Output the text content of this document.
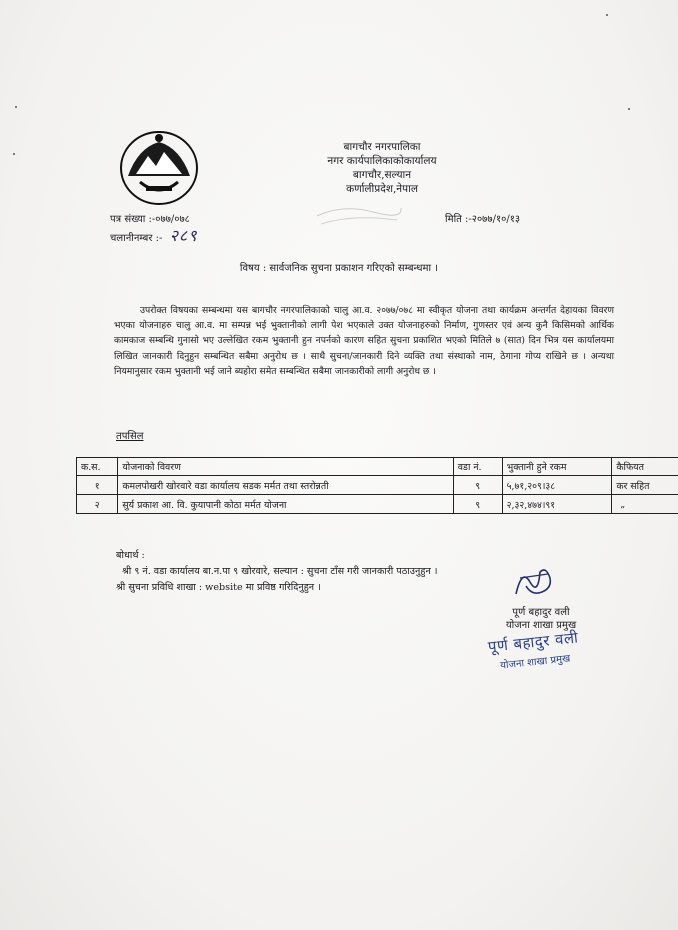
बागचौर नगरपालिका
नगर कार्यपालिकाकोकार्यालय
बागचौर,सल्यान
कर्णालीप्रदेश,नेपाल
पत्र संख्या :-०७७/०७८
चलानीनम्बर :- २८९
मिति :-२०७७/१०/१३
विषय : सार्वजनिक सुचना प्रकाशन गरिएको सम्बन्धमा ।
उपरोक्त विषयका सम्बन्धमा यस बागचौर नगरपालिकाको चालु आ.व. २०७७/०७८ मा स्वीकृत योजना तथा कार्यक्रम अन्तर्गत देहायका विवरण भएका योजनाहरु चालु आ.व. मा सम्पन्न भई भुक्तानीको लागी पेश भएकाले उक्त योजनाहरुको निर्माण, गुणस्तर एवं अन्य कुनै किसिमको आर्थिक कामकाज सम्बन्धि गुनासो भए उल्लेखित रकम भुक्तानी हुन नपर्नको कारण सहित सुचना प्रकाशित भएको मितिले ७ (सात) दिन भित्र यस कार्यालयमा लिखित जानकारी दिनुहुन सम्बन्धित सबैमा अनुरोध छ । साथै सुचना/जानकारी दिने व्यक्ति तथा संस्थाको नाम, ठेगाना गोप्य राखिने छ । अन्यथा नियमानुसार रकम भुक्तानी भई जाने ब्यहोरा समेत सम्बन्धित सबैमा जानकारीको लागी अनुरोध छ ।
तपसिल
क.स.	योजनाको विवरण	वडा नं.	भुक्तानी हुने रकम	कैफियत
१	कमलपोखरी खोरवारे वडा कार्यालय सडक मर्मत तथा स्तरोन्नती	९	५,७१,२०९।३८	कर सहित
२	सुर्य प्रकाश आ. वि. कुयापानी कोठा मर्मत योजना	९	२,३२,४७४।९१	„
बोधार्थ :
श्री ९ नं. वडा कार्यालय बा.न.पा ९ खोरवारे, सल्यान : सुचना टाँस गरी जानकारी पठाउनुहुन ।
श्री सुचना प्रविधि शाखा : website मा प्रविष्ठ गरिदिनुहुन ।
पूर्ण बहादुर वली
योजना शाखा प्रमुख
पूर्ण बहादुर वली
योजना शाखा प्रमुख
